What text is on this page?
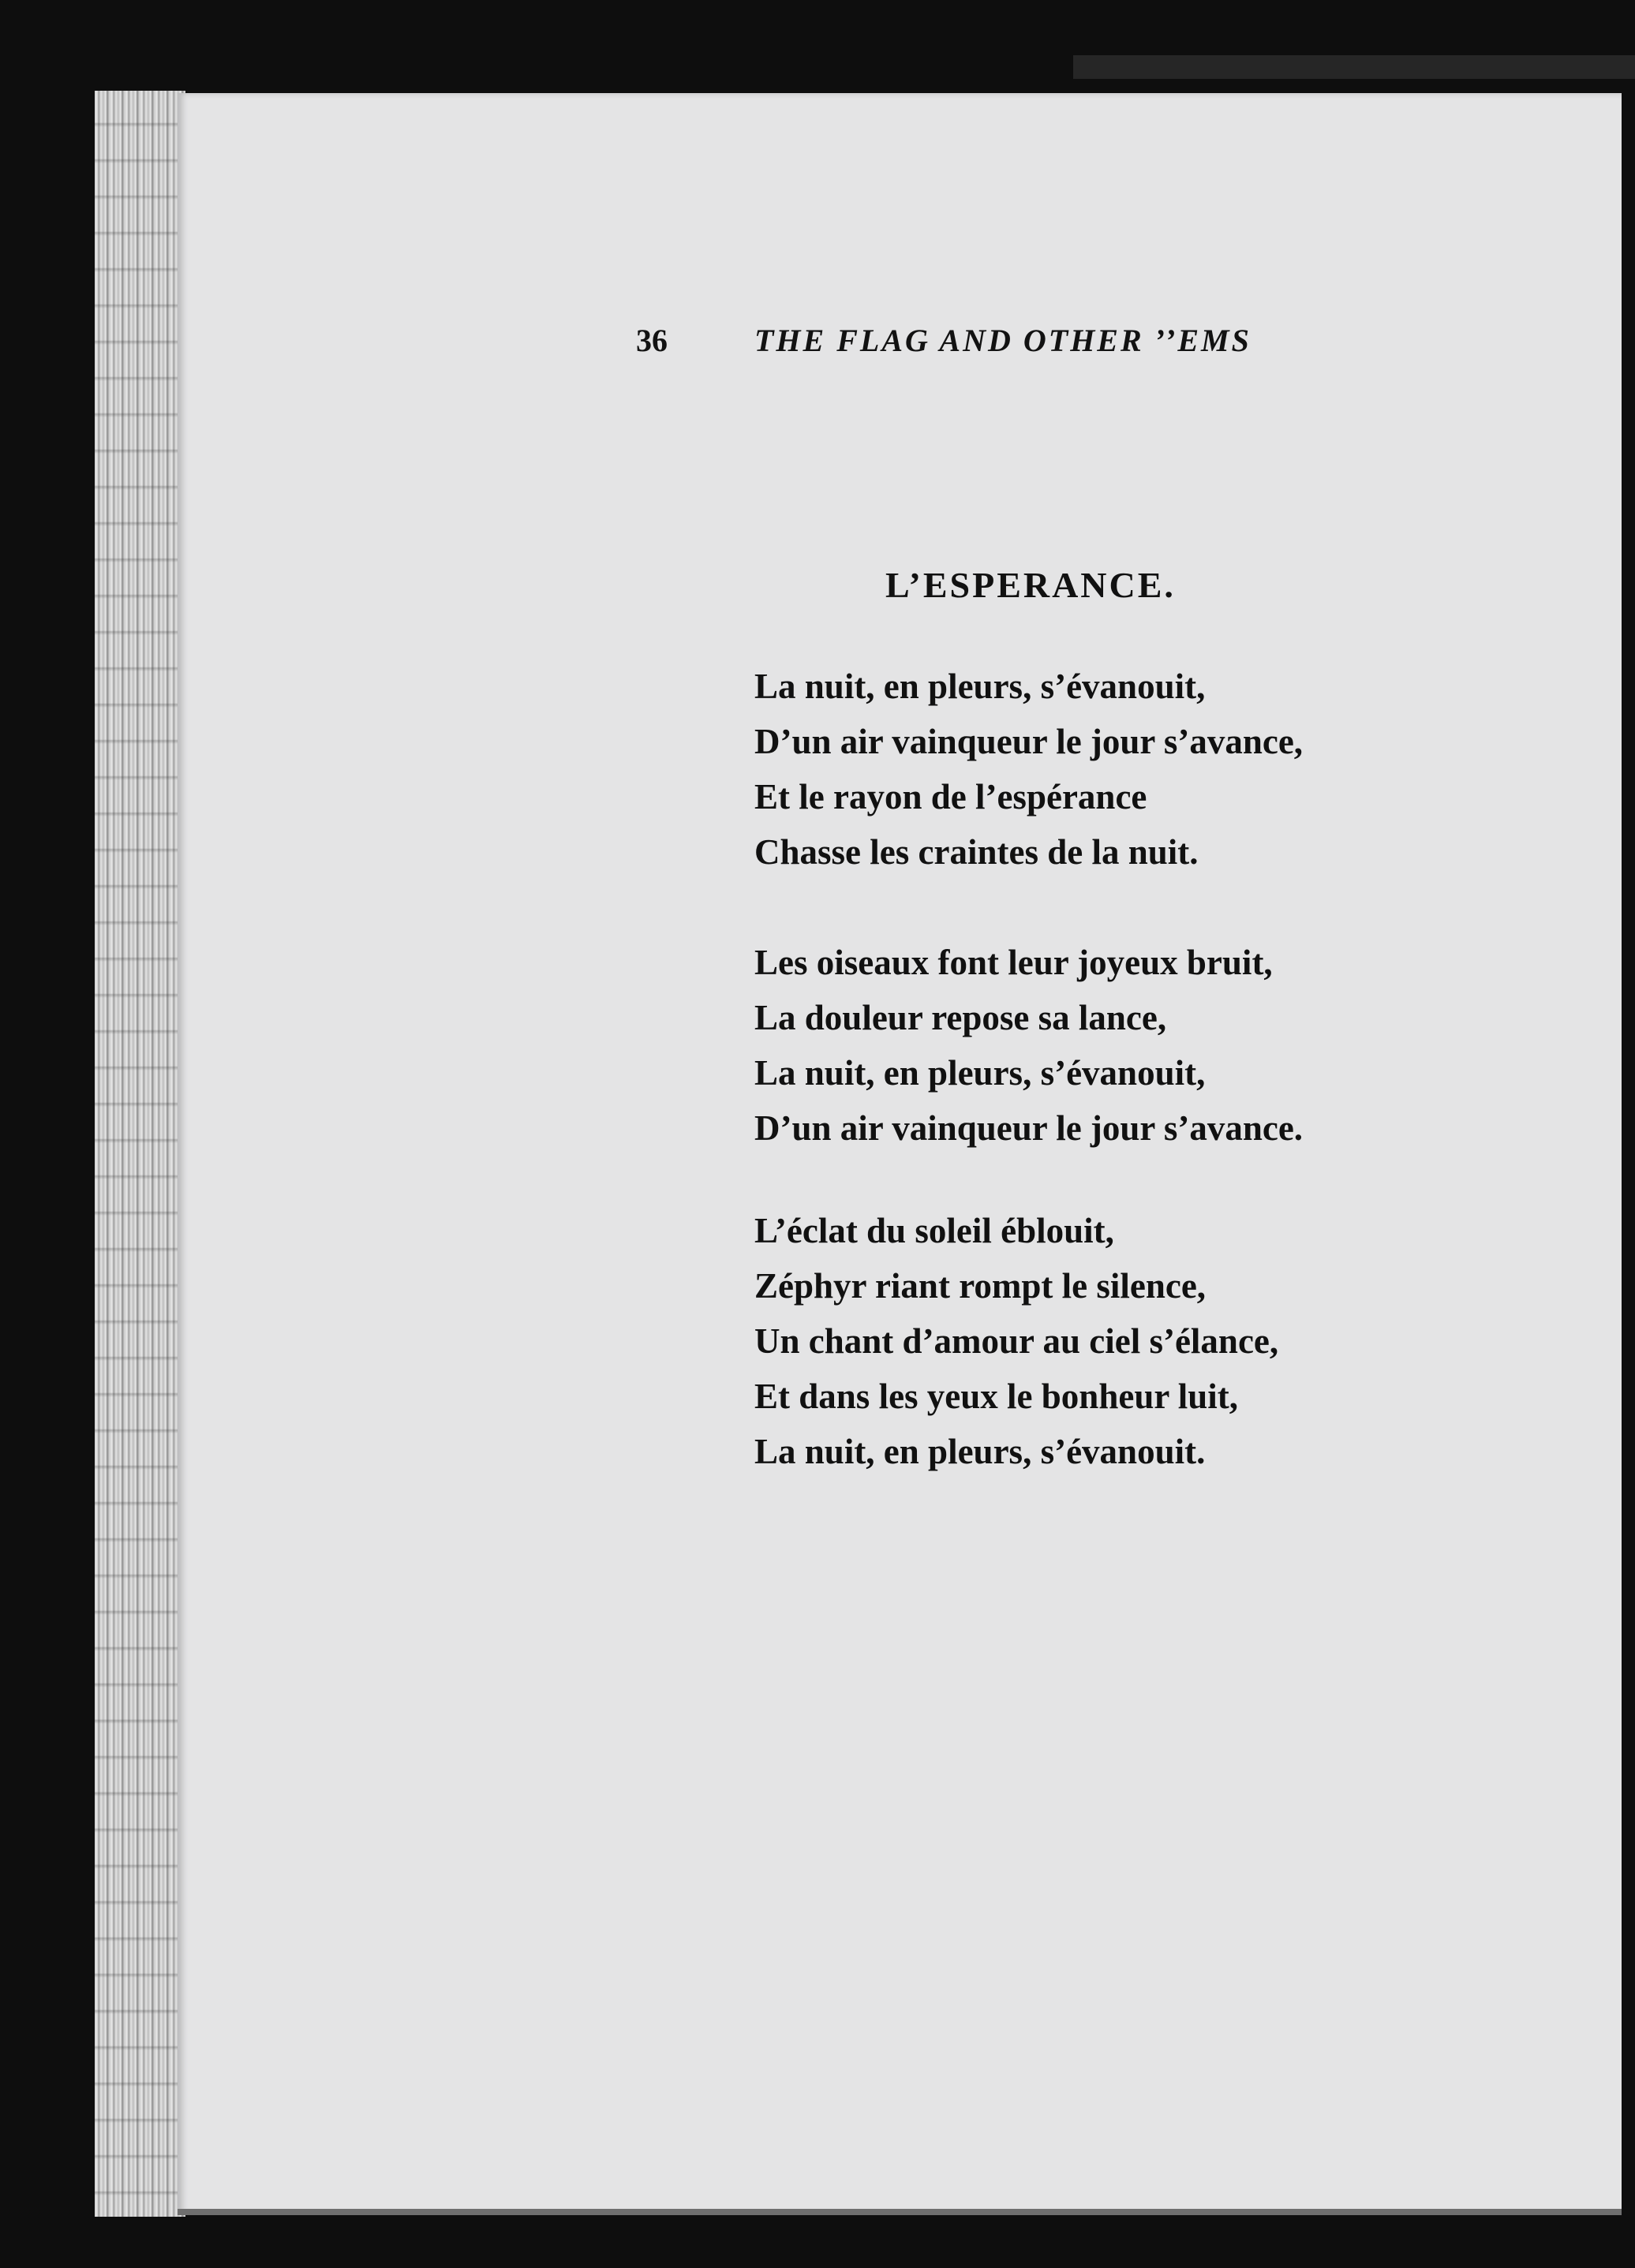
36	THE FLAG AND OTHER ’’EMS
L’ESPERANCE.
La nuit, en pleurs, s’évanouit,
D’un air vainqueur le jour s’avance,
Et le rayon de l’espérance
Chasse les craintes de la nuit.
Les oiseaux font leur joyeux bruit,
La douleur repose sa lance,
La nuit, en pleurs, s’évanouit,
D’un air vainqueur le jour s’avance.
L’éclat du soleil éblouit,
Zéphyr riant rompt le silence,
Un chant d’amour au ciel s’élance,
Et dans les yeux le bonheur luit,
La nuit, en pleurs, s’évanouit.
